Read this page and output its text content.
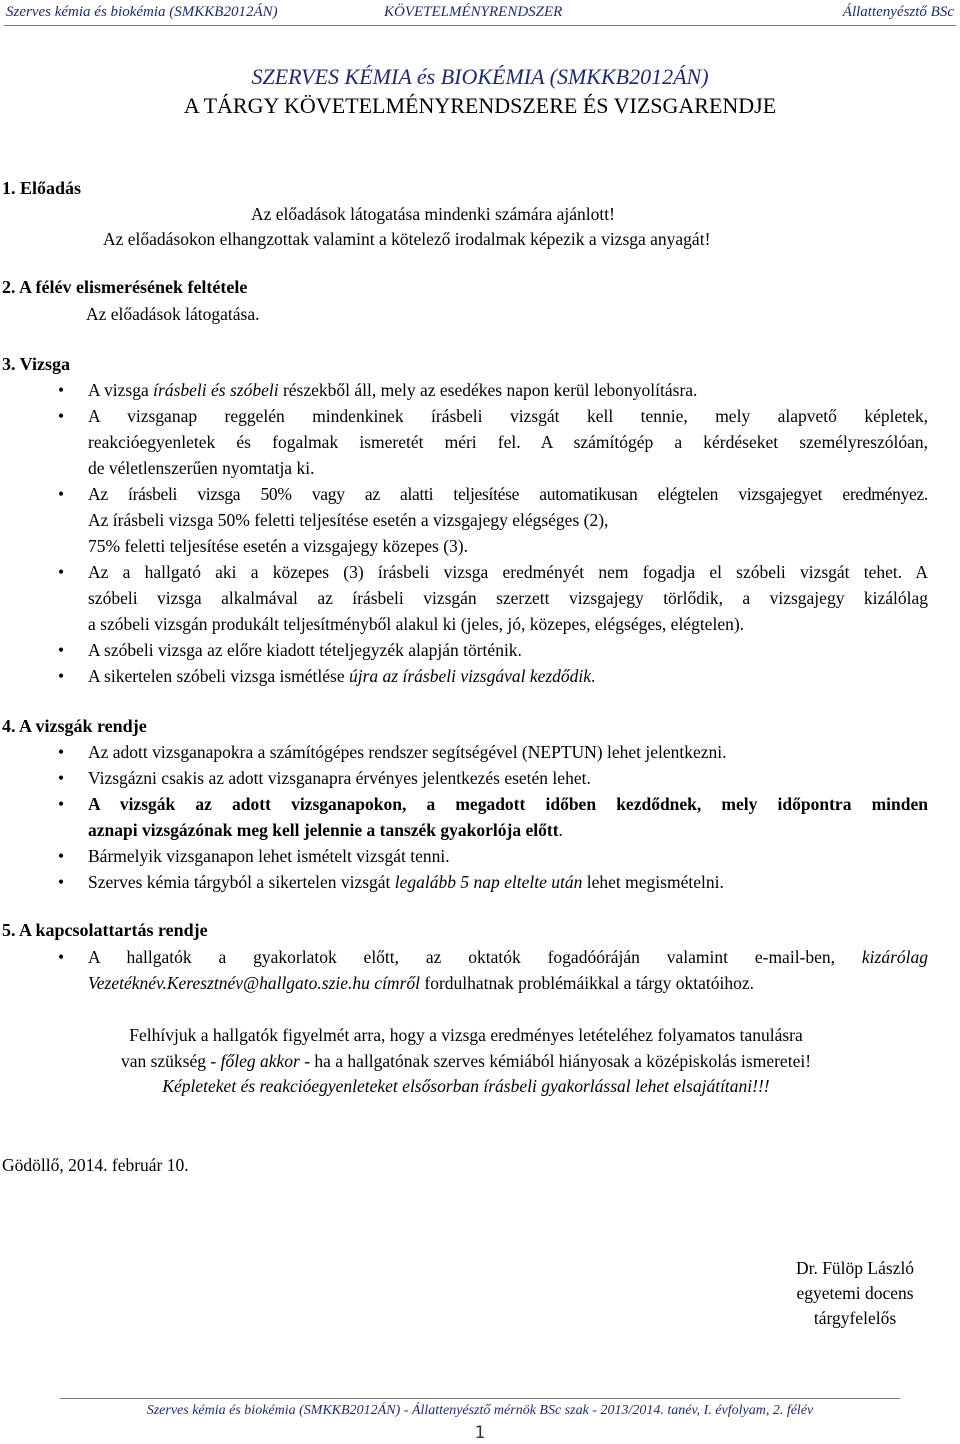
Szerves kémia és biokémia (SMKKB2012ÁN)	KÖVETELMÉNYRENDSZER	Állattenyésztő BSc
SZERVES KÉMIA és BIOKÉMIA (SMKKB2012ÁN)
A TÁRGY KÖVETELMÉNYRENDSZERE ÉS VIZSGARENDJE
1. Előadás
Az előadások látogatása mindenki számára ajánlott!
Az előadásokon elhangzottak valamint a kötelező irodalmak képezik a vizsga anyagát!
2. A félév elismerésének feltétele
Az előadások látogatása.
3. Vizsga
• A vizsga írásbeli és szóbeli részekből áll, mely az esedékes napon kerül lebonyolításra.
• A vizsganap reggelén mindenkinek írásbeli vizsgát kell tennie, mely alapvető képletek,
reakcióegyenletek és fogalmak ismeretét méri fel. A számítógép a kérdéseket személyreszólóan,
de véletlenszerűen nyomtatja ki.
• Az írásbeli vizsga 50% vagy az alatti teljesítése automatikusan elégtelen vizsgajegyet eredményez.
Az írásbeli vizsga 50% feletti teljesítése esetén a vizsgajegy elégséges (2),
75% feletti teljesítése esetén a vizsgajegy közepes (3).
• Az a hallgató aki a közepes (3) írásbeli vizsga eredményét nem fogadja el szóbeli vizsgát tehet. A
szóbeli vizsga alkalmával az írásbeli vizsgán szerzett vizsgajegy törlődik, a vizsgajegy kizálólag
a szóbeli vizsgán produkált teljesítményből alakul ki (jeles, jó, közepes, elégséges, elégtelen).
• A szóbeli vizsga az előre kiadott tételjegyzék alapján történik.
• A sikertelen szóbeli vizsga ismétlése újra az írásbeli vizsgával kezdődik.
4. A vizsgák rendje
• Az adott vizsganapokra a számítógépes rendszer segítségével (NEPTUN) lehet jelentkezni.
• Vizsgázni csakis az adott vizsganapra érvényes jelentkezés esetén lehet.
• A vizsgák az adott vizsganapokon, a megadott időben kezdődnek, mely időpontra minden
aznapi vizsgázónak meg kell jelennie a tanszék gyakorlója előtt.
• Bármelyik vizsganapon lehet ismételt vizsgát tenni.
• Szerves kémia tárgyból a sikertelen vizsgát legalább 5 nap eltelte után lehet megismételni.
5. A kapcsolattartás rendje
• A hallgatók a gyakorlatok előtt, az oktatók fogadóóráján valamint e-mail-ben, kizárólag
Vezetéknév.Keresztnév@hallgato.szie.hu címről fordulhatnak problémáikkal a tárgy oktatóihoz.
Felhívjuk a hallgatók figyelmét arra, hogy a vizsga eredményes letételéhez folyamatos tanulásra
van szükség - főleg akkor - ha a hallgatónak szerves kémiából hiányosak a középiskolás ismeretei!
Képleteket és reakcióegyenleteket elsősorban írásbeli gyakorlással lehet elsajátítani!!!
Gödöllő, 2014. február 10.
Dr. Fülöp László
egyetemi docens
tárgyfelelős
Szerves kémia és biokémia (SMKKB2012ÁN) - Állattenyésztő mérnök BSc szak - 2013/2014. tanév, I. évfolyam, 2. félév
1
